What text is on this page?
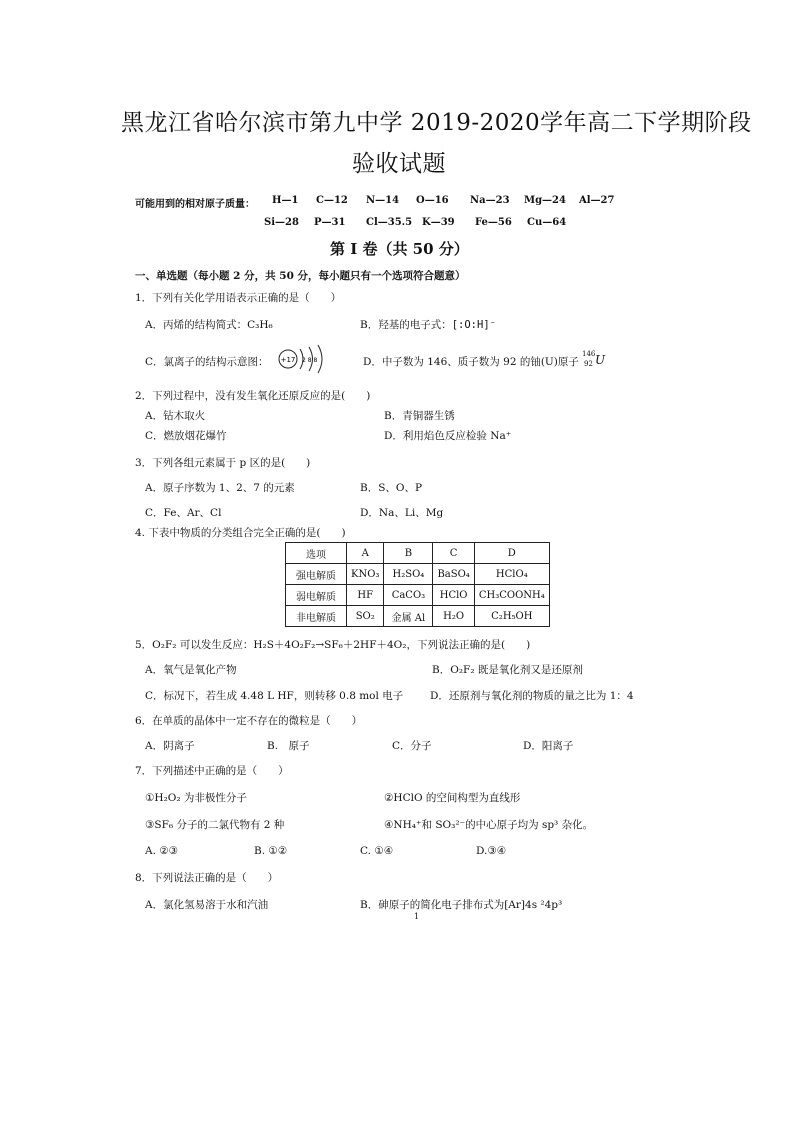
黑龙江省哈尔滨市第九中学 2019-2020学年高二下学期阶段
验收试题
可能用到的相对原子质量： H—1 C—12 N—14 O—16 Na—23 Mg—24 Al—27
Si—28 P—31 Cl—35.5 K—39 Fe—56 Cu—64
第 I 卷（共 50 分）
一、单选题（每小题 2 分，共 50 分，每小题只有一个选项符合题意）
1．下列有关化学用语表示正确的是（　　）
A．丙烯的结构简式：C₃H₆	B．羟基的电子式：[:O:H]⁻
C．氯离子的结构示意图： +17 2 8 8	D．中子数为 146、质子数为 92 的铀(U)原子
146
92 U
2．下列过程中，没有发生氧化还原反应的是(　　)
A．钻木取火	B．青铜器生锈
C．燃放烟花爆竹	D．利用焰色反应检验 Na⁺
3．下列各组元素属于 p 区的是(　　)
A．原子序数为 1、2、7 的元素	B．S、O、P
C．Fe、Ar、Cl	D．Na、Li、Mg
4. 下表中物质的分类组合完全正确的是(　　)
选项	A	B	C	D
强电解质	KNO₃	H₂SO₄	BaSO₄	HClO₄
弱电解质	HF	CaCO₃	HClO	CH₃COONH₄
非电解质	SO₂	金属 Al	H₂O	C₂H₅OH
5．O₂F₂ 可以发生反应：H₂S＋4O₂F₂→SF₆＋2HF＋4O₂，下列说法正确的是(　　)
A．氧气是氧化产物	B．O₂F₂ 既是氧化剂又是还原剂
C．标况下，若生成 4.48 L HF，则转移 0.8 mol 电子	D．还原剂与氧化剂的物质的量之比为 1：4
6．在单质的晶体中一定不存在的微粒是（　　）
A．阴离子	B.　原子	C．分子	D．阳离子
7．下列描述中正确的是（　　）
①H₂O₂ 为非极性分子	②HClO 的空间构型为直线形
③SF₆ 分子的二氯代物有 2 种	④NH₄⁺和 SO₃²⁻的中心原子均为 sp³ 杂化。
A. ②③	B. ①②	C. ①④	D.③④
8．下列说法正确的是（　　）
A．氯化氢易溶于水和汽油	B．砷原子的简化电子排布式为[Ar]4s ²4p³
1
